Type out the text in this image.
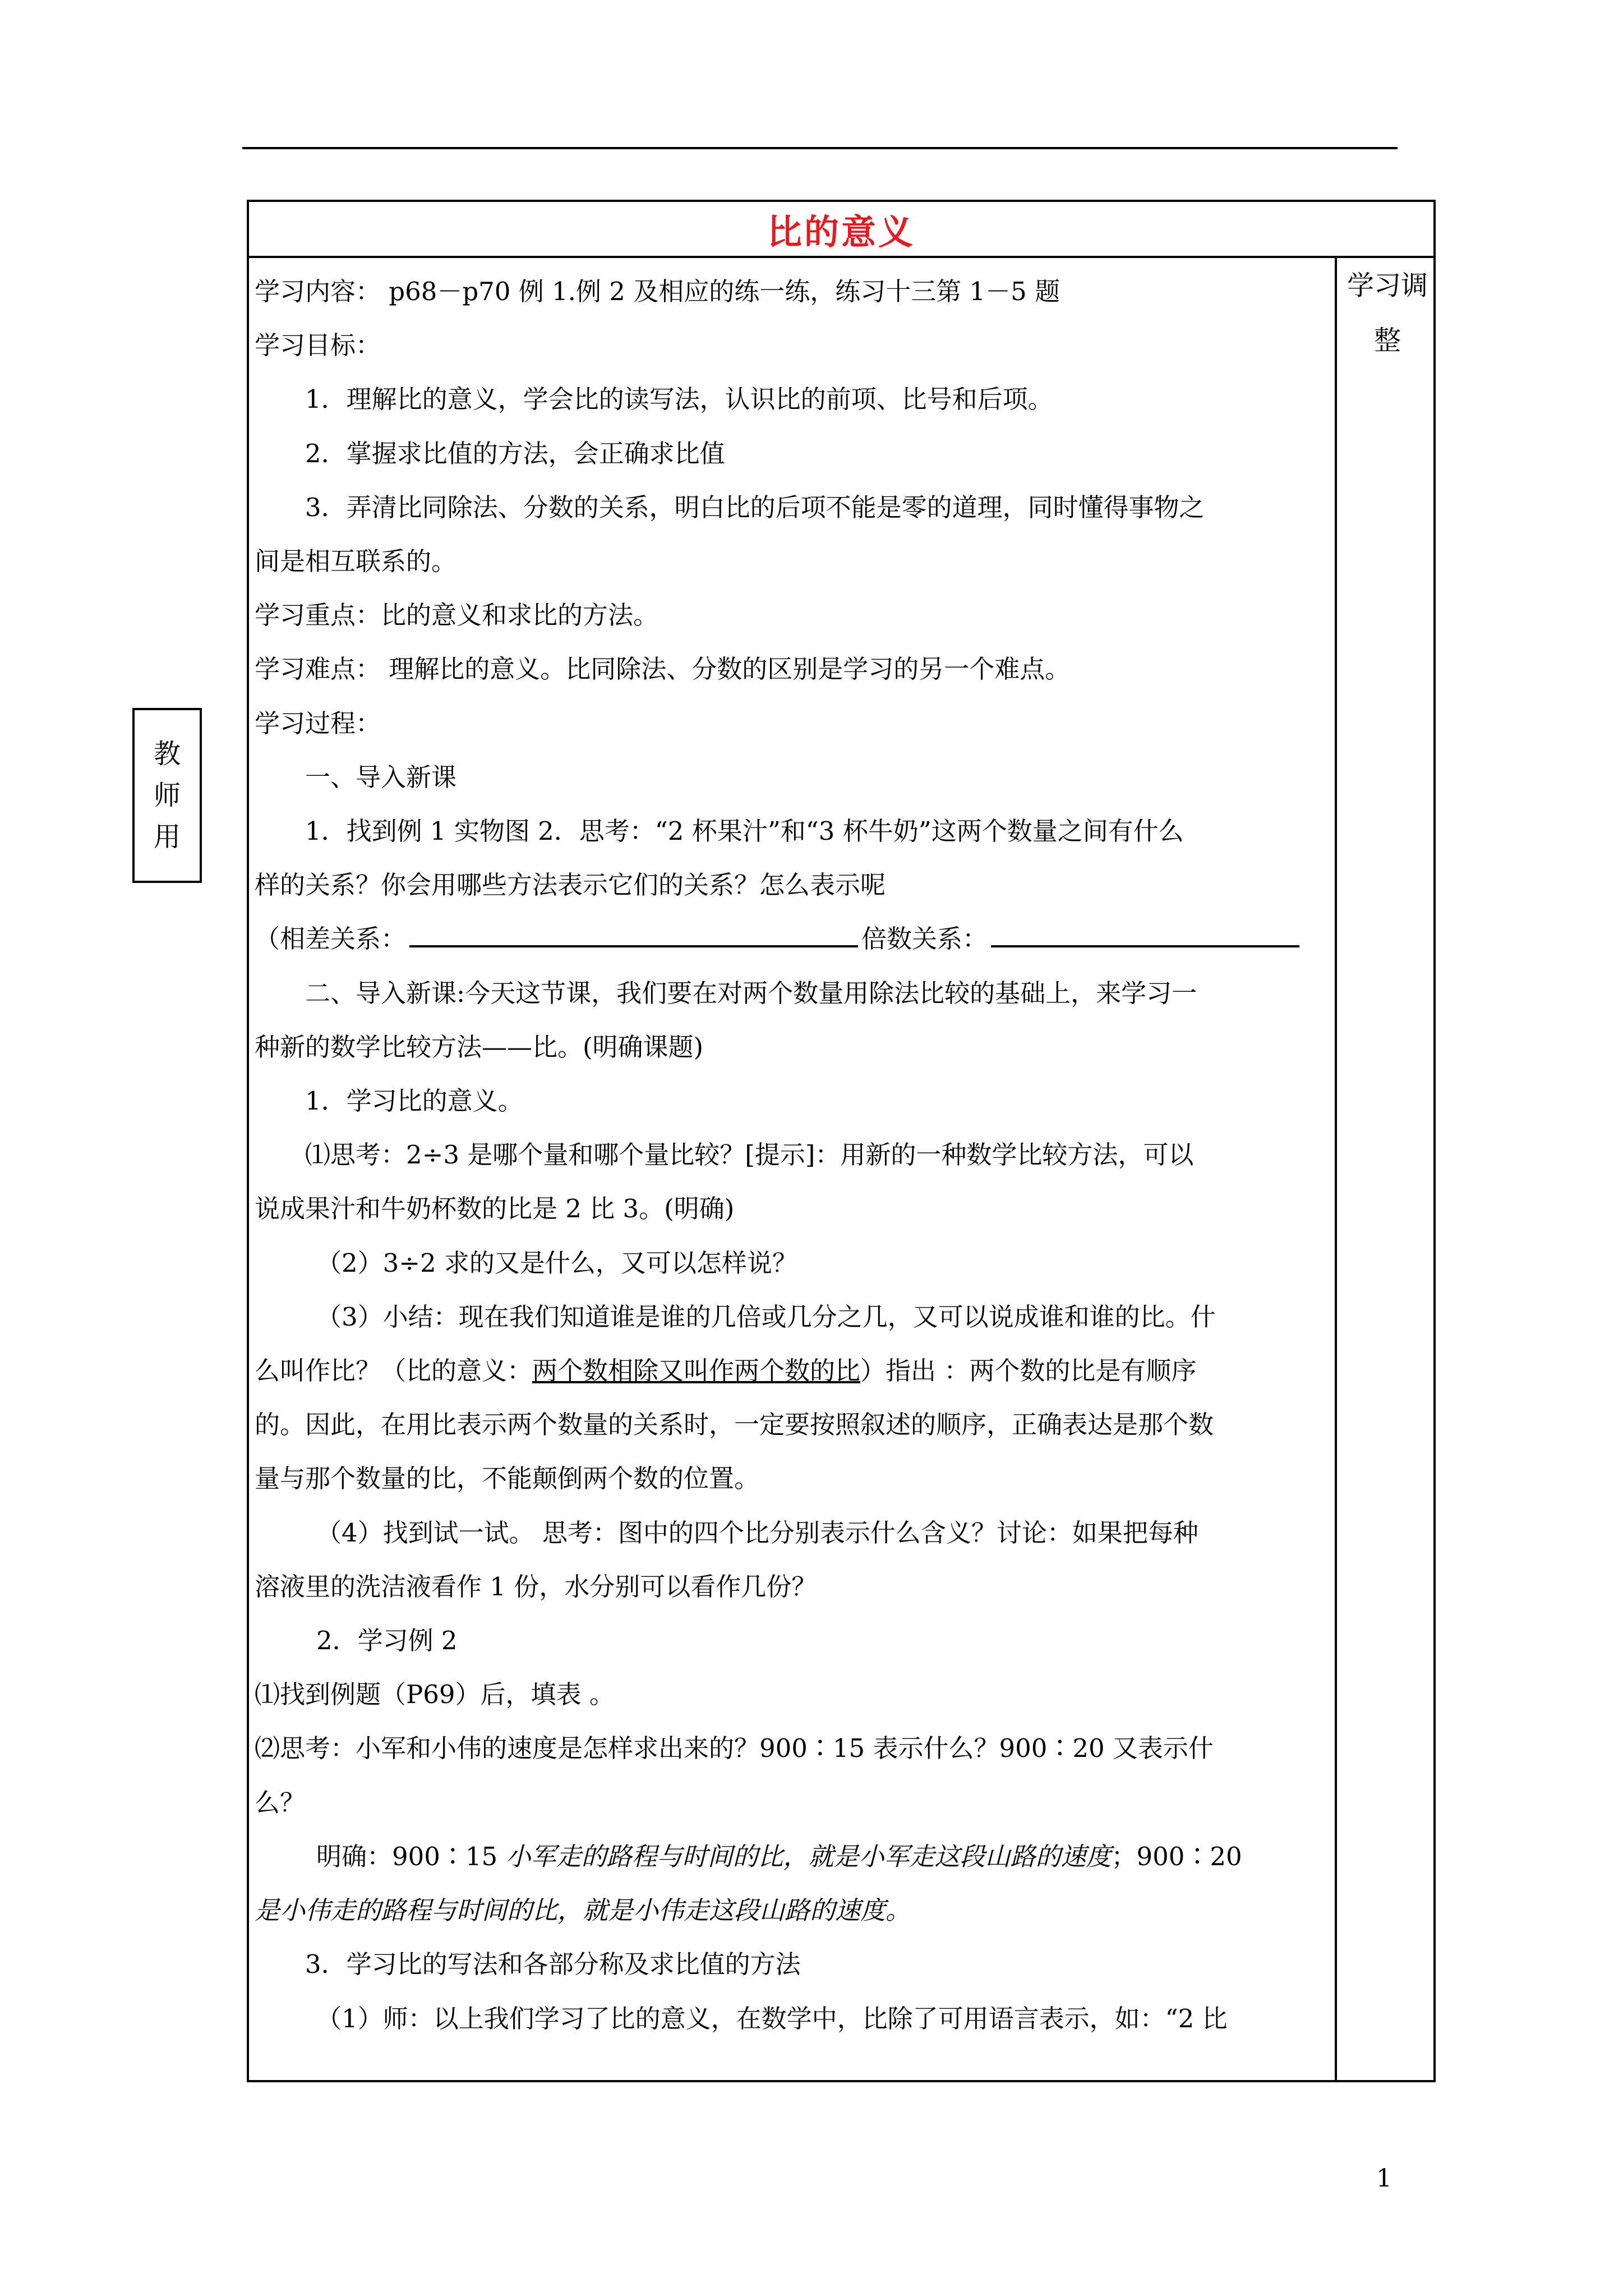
教
师
用
比的意义
学习调
整

学习内容： p68－p70 例 1.例 2 及相应的练一练，练习十三第 1－5 题

学习目标：

1．理解比的意义，学会比的读写法，认识比的前项、比号和后项。

2．掌握求比值的方法，会正确求比值

3．弄清比同除法、分数的关系，明白比的后项不能是零的道理，同时懂得事物之

间是相互联系的。

学习重点：比的意义和求比的方法。

学习难点： 理解比的意义。比同除法、分数的区别是学习的另一个难点。

学习过程：

一、导入新课

1．找到例 1 实物图 2．思考：“2 杯果汁”和“3 杯牛奶”这两个数量之间有什么

样的关系？你会用哪些方法表示它们的关系？怎么表示呢

（相差关系：	倍数关系：

二、导入新课:今天这节课，我们要在对两个数量用除法比较的基础上，来学习一

种新的数学比较方法——比。(明确课题)

1．学习比的意义。

⑴思考：2÷3 是哪个量和哪个量比较？[提示]：用新的一种数学比较方法，可以

说成果汁和牛奶杯数的比是 2 比 3。(明确)

（2）3÷2 求的又是什么，又可以怎样说？

（3）小结：现在我们知道谁是谁的几倍或几分之几，又可以说成谁和谁的比。什

么叫作比？（比的意义：两个数相除又叫作两个数的比）指出 ：两个数的比是有顺序

的。因此，在用比表示两个数量的关系时，一定要按照叙述的顺序，正确表达是那个数

量与那个数量的比，不能颠倒两个数的位置。

（4）找到试一试。 思考：图中的四个比分别表示什么含义？讨论：如果把每种

溶液里的洗洁液看作 1 份，水分别可以看作几份？

2．学习例 2

⑴找到例题（P69）后，填表 。

⑵思考：小军和小伟的速度是怎样求出来的？900∶15 表示什么？900∶20 又表示什

么？

明确：900∶15 小军走的路程与时间的比，就是小军走这段山路的速度；900∶20

是小伟走的路程与时间的比，就是小伟走这段山路的速度。

3．学习比的写法和各部分称及求比值的方法

（1）师：以上我们学习了比的意义，在数学中，比除了可用语言表示，如：“2 比

1
